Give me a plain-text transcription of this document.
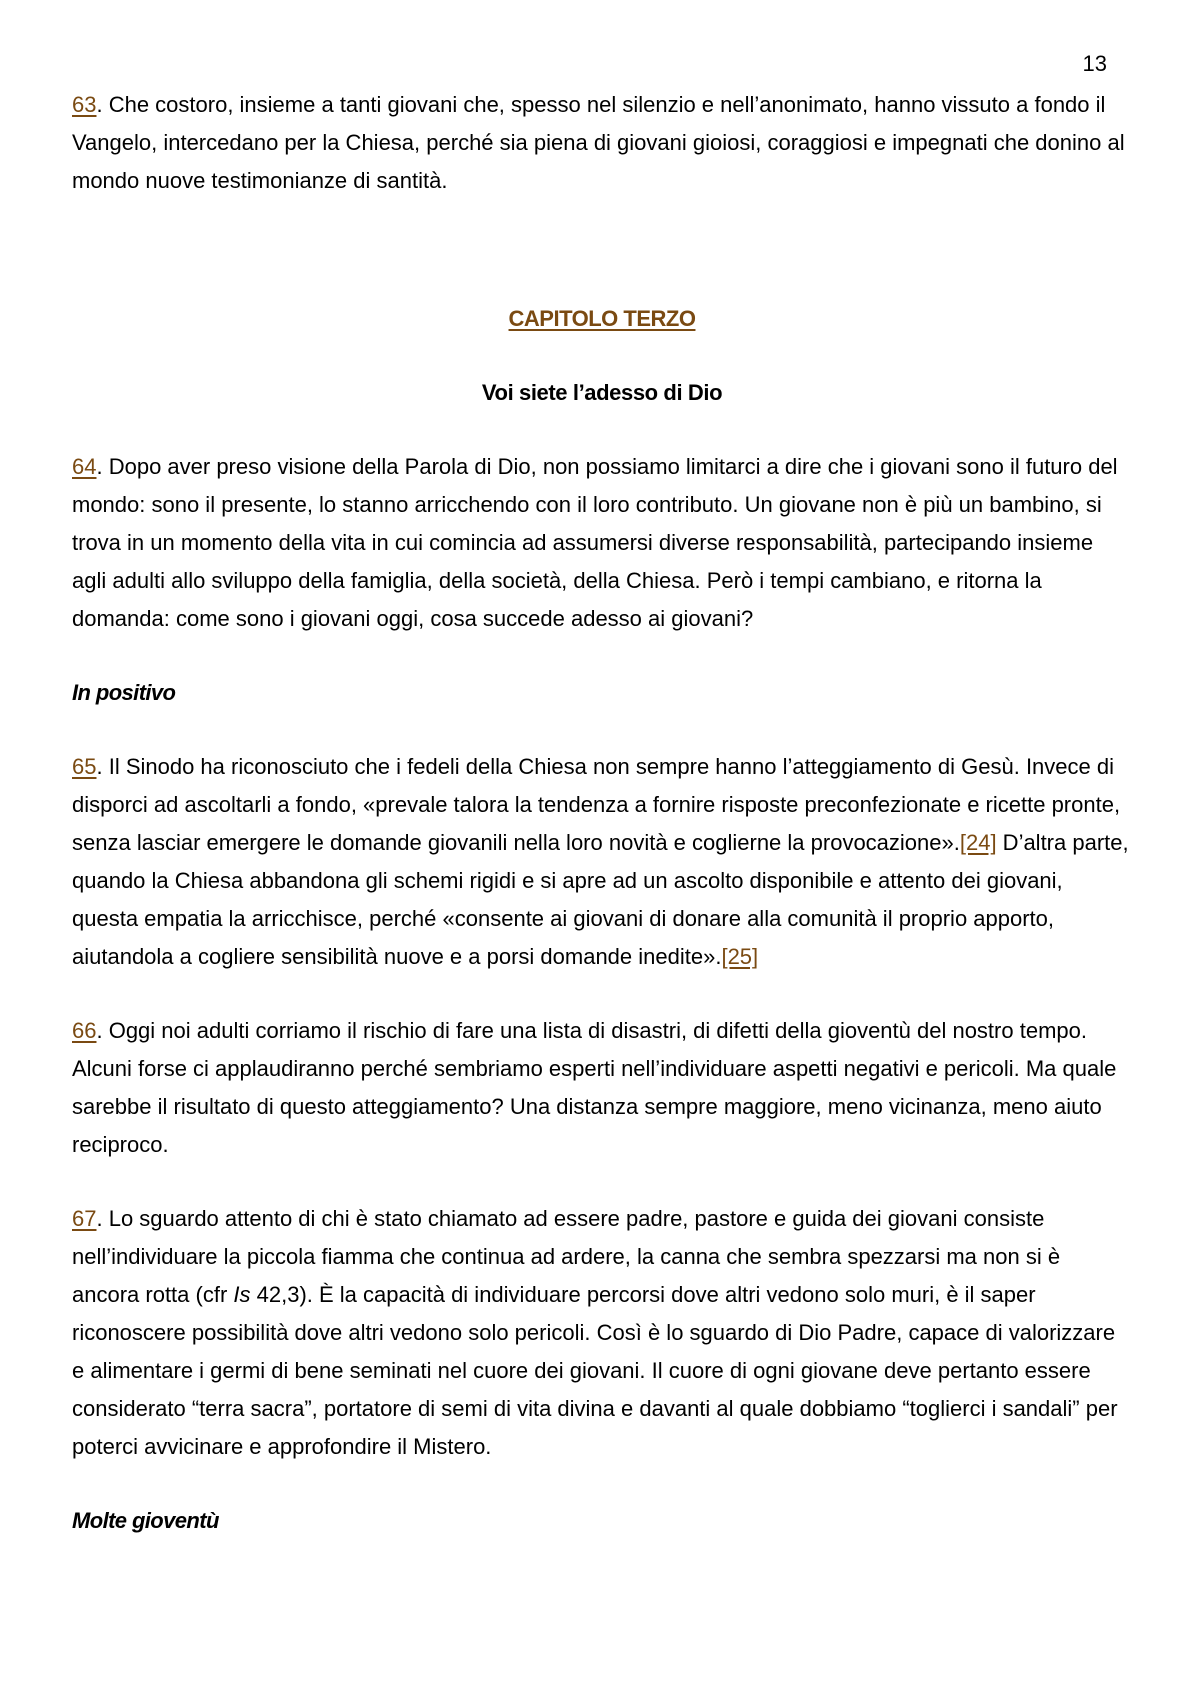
13

63. Che costoro, insieme a tanti giovani che, spesso nel silenzio e nell’anonimato, hanno vissuto a fondo il Vangelo, intercedano per la Chiesa, perché sia piena di giovani gioiosi, coraggiosi e impegnati che donino al mondo nuove testimonianze di santità.

CAPITOLO TERZO

Voi siete l’adesso di Dio

64. Dopo aver preso visione della Parola di Dio, non possiamo limitarci a dire che i giovani sono il futuro del mondo: sono il presente, lo stanno arricchendo con il loro contributo. Un giovane non è più un bambino, si trova in un momento della vita in cui comincia ad assumersi diverse responsabilità, partecipando insieme agli adulti allo sviluppo della famiglia, della società, della Chiesa. Però i tempi cambiano, e ritorna la domanda: come sono i giovani oggi, cosa succede adesso ai giovani?

In positivo

65. Il Sinodo ha riconosciuto che i fedeli della Chiesa non sempre hanno l’atteggiamento di Gesù. Invece di disporci ad ascoltarli a fondo, «prevale talora la tendenza a fornire risposte preconfezionate e ricette pronte, senza lasciar emergere le domande giovanili nella loro novità e coglierne la provocazione».[24] D’altra parte, quando la Chiesa abbandona gli schemi rigidi e si apre ad un ascolto disponibile e attento dei giovani, questa empatia la arricchisce, perché «consente ai giovani di donare alla comunità il proprio apporto, aiutandola a cogliere sensibilità nuove e a porsi domande inedite».[25]

66. Oggi noi adulti corriamo il rischio di fare una lista di disastri, di difetti della gioventù del nostro tempo. Alcuni forse ci applaudiranno perché sembriamo esperti nell’individuare aspetti negativi e pericoli. Ma quale sarebbe il risultato di questo atteggiamento? Una distanza sempre maggiore, meno vicinanza, meno aiuto reciproco.

67. Lo sguardo attento di chi è stato chiamato ad essere padre, pastore e guida dei giovani consiste nell’individuare la piccola fiamma che continua ad ardere, la canna che sembra spezzarsi ma non si è ancora rotta (cfr Is 42,3). È la capacità di individuare percorsi dove altri vedono solo muri, è il saper riconoscere possibilità dove altri vedono solo pericoli. Così è lo sguardo di Dio Padre, capace di valorizzare e alimentare i germi di bene seminati nel cuore dei giovani. Il cuore di ogni giovane deve pertanto essere considerato “terra sacra”, portatore di semi di vita divina e davanti al quale dobbiamo “toglierci i sandali” per poterci avvicinare e approfondire il Mistero.

Molte gioventù
